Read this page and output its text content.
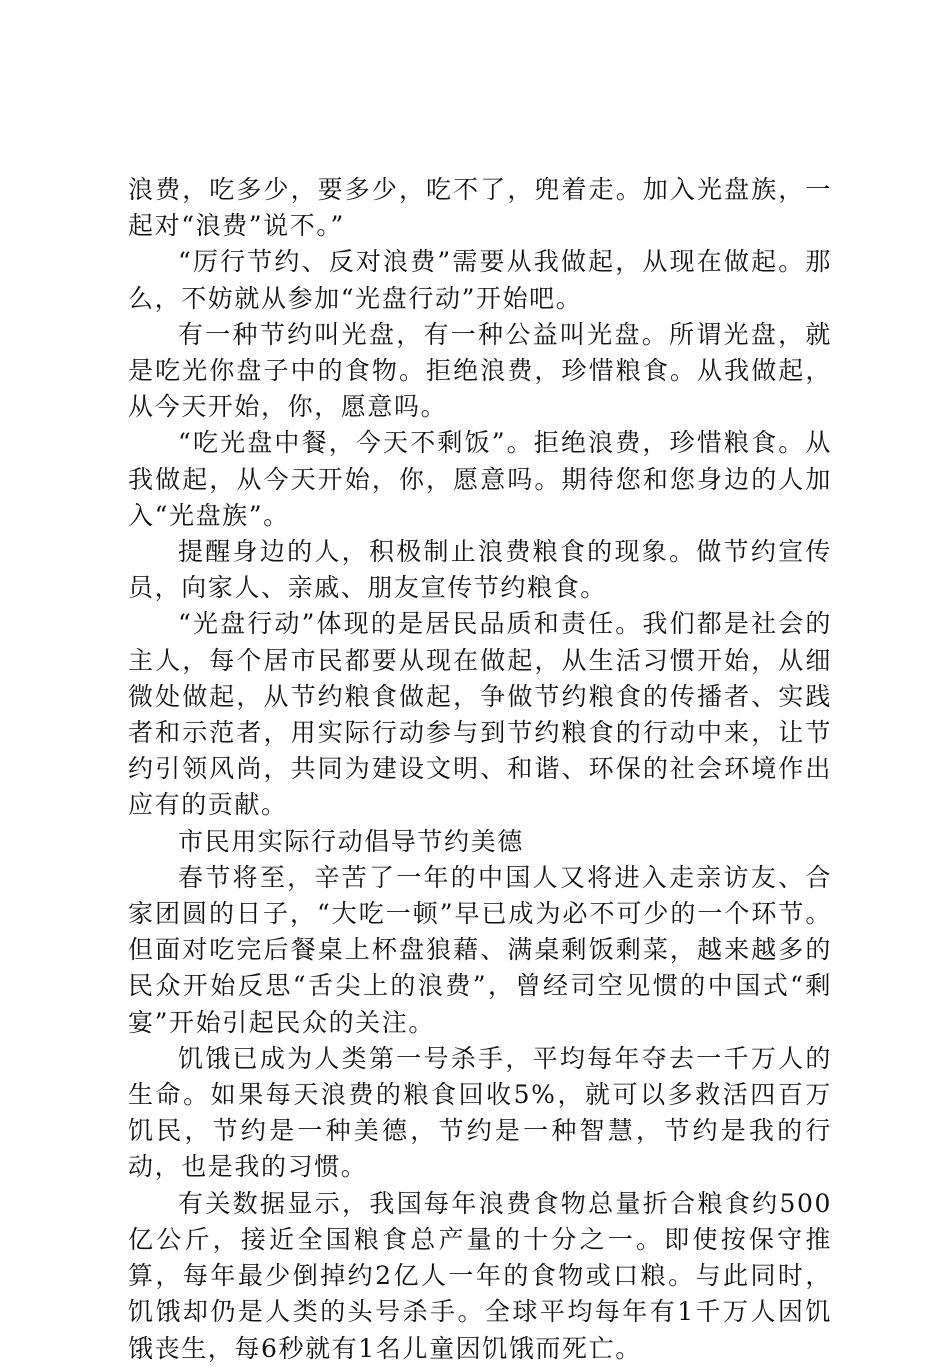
浪费，吃多少，要多少，吃不了，兜着走。加入光盘族，一起对“浪费”说不。”

“厉行节约、反对浪费”需要从我做起，从现在做起。那么，不妨就从参加“光盘行动”开始吧。

有一种节约叫光盘，有一种公益叫光盘。所谓光盘，就是吃光你盘子中的食物。拒绝浪费，珍惜粮食。从我做起，从今天开始，你，愿意吗。

“吃光盘中餐，今天不剩饭”。拒绝浪费，珍惜粮食。从我做起，从今天开始，你，愿意吗。期待您和您身边的人加入“光盘族”。

提醒身边的人，积极制止浪费粮食的现象。做节约宣传员，向家人、亲戚、朋友宣传节约粮食。

“光盘行动”体现的是居民品质和责任。我们都是社会的主人，每个居市民都要从现在做起，从生活习惯开始，从细微处做起，从节约粮食做起，争做节约粮食的传播者、实践者和示范者，用实际行动参与到节约粮食的行动中来，让节约引领风尚，共同为建设文明、和谐、环保的社会环境作出应有的贡献。

市民用实际行动倡导节约美德

春节将至，辛苦了一年的中国人又将进入走亲访友、合家团圆的日子，“大吃一顿”早已成为必不可少的一个环节。但面对吃完后餐桌上杯盘狼藉、满桌剩饭剩菜，越来越多的民众开始反思“舌尖上的浪费”，曾经司空见惯的中国式“剩宴”开始引起民众的关注。

饥饿已成为人类第一号杀手，平均每年夺去一千万人的生命。如果每天浪费的粮食回收5%，就可以多救活四百万饥民，节约是一种美德，节约是一种智慧，节约是我的行动，也是我的习惯。

有关数据显示，我国每年浪费食物总量折合粮食约500亿公斤，接近全国粮食总产量的十分之一。即使按保守推算，每年最少倒掉约2亿人一年的食物或口粮。与此同时，饥饿却仍是人类的头号杀手。全球平均每年有1千万人因饥饿丧生，每6秒就有1名儿童因饥饿而死亡。
